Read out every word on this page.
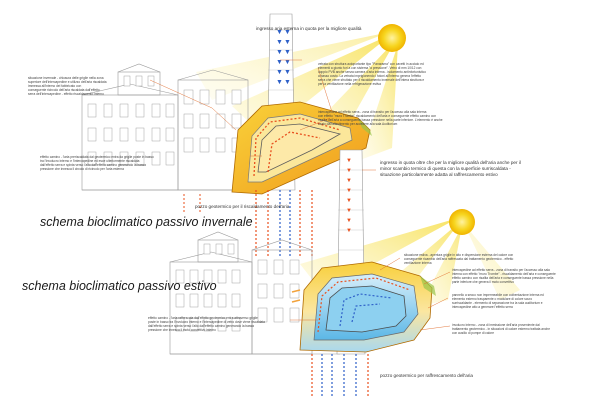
▼
▼
▼
▼
▼
▼
▼
▼
▼
▼
▼
▼
ingresso aria esterna in quota per la migliore qualità
situazione invernale - chiusura delle griglie nella zona
superiore dell'intercapedine e utilizzo dell'aria riscaldata
immessa all'interno del fabbricato con
conseguente ricircolo dell'aria riscaldata dall'effetto
serra dell'intercapedine - effetto riscaldamento interno
vetrata con struttura autoportante tipo "Panarama" con cavetti in acciaio ed
elementi a giunto fori a con sistema "a pressione". Vetro di mm 10/12 con
doppio PVB anche senza camera d'aria interna - isolamento antinfortunistico
a basso costo. La vetrata imprigionendo i fotoni all'interno genera l'effetto
serra che viene sfruttato per il riscaldamento invernale dell'intera struttura e
per la ventilazione nella refrigerazione estiva
intercapedine ad effetto serra - zona di transito per l'accesso alla sala interna
con effetto "muro Trombe" riscaldamento dell'aria e conseguente effetto camino con
risalita dell'aria a conseguente bassa pressione nella parte inferiore. L'elemento è anche
usato dall'allestimento per accedere alla sala Auditorium
effetto camino - l'aria preriscaldata dal geotermico entra da griglie poste in basso
tra l'involucro interno e l'intercapedine ed esce ulteriormente riscaldata
dall'effetto serra e spinta verso l'alto dall'effetto camino generando la bassa
pressione che innesca il circolo di ricircolo per l'aria esterna
pozzo geotermico per il riscaldamento dell'aria
schema bioclimatico passivo invernale
▼
▼
▼
▼
▼
▼
▼
▼
ingresso in quota oltre che per la migliore qualità dell'aria anche per il
minor scambio termico di questa con la superficie surriscaldata -
situazione particolarmente adatta al raffrescamento estivo
situazione estiva - apertura griglie in alto e dispersione esterna del calore con
conseguente ricambio dell'aria raffrescata dal trattamento geotermico - effetto
ventilazione interna
intercapedine ad effetto serra - zona di transito per l'accesso alla sala
interna con effetto "muro Trombe" - riscaldamento dell'aria e conseguente
effetto camino con risalita dell'aria e conseguente bassa pressione nella
parte inferiore che genera il moto convettivo
pannello a secco non impermeabile con coibentazione interna ed
elemento esterno trasparente o modulare di colore scuro
surriscaldante - elemento di separazione tra la sala auditorium e
intercapedine atto a generare l'effetto serra
effetto camino - l'aria raffrescata dall'effetto geotermico entra attraverso griglie
poste in basso tra l'involucro interno e l'intercapedine di vetro dove viene riscaldata
dall'effetto serra e spinta verso l'alto dall'effetto camino generando la bassa
pressione che innesca il moto convettivo interno
involucro interno - zona di immissione dell'aria proveniente dal
trattamento geotermico - in situazioni di calore estremo trattata anche
con ausilio di pompe di calore
pozzo geotermico per raffrescamento dell'aria
schema bioclimatico passivo estivo
